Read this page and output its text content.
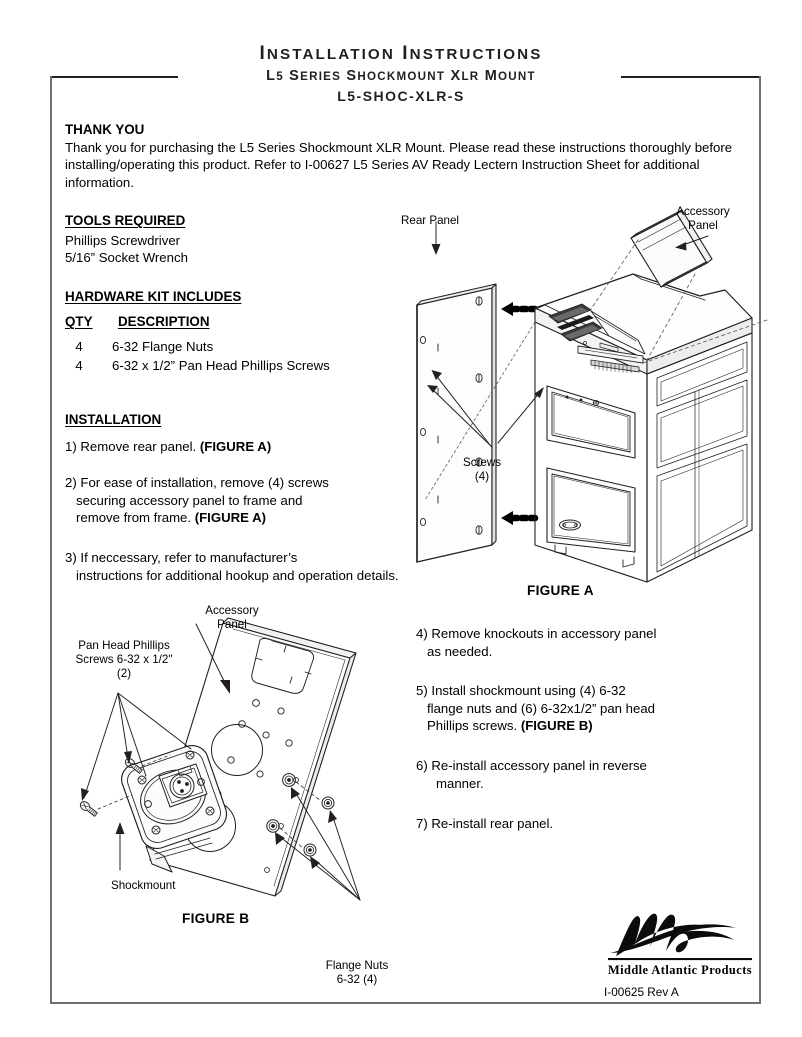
INSTALLATION INSTRUCTIONS
L5 SERIES SHOCKMOUNT XLR MOUNT
L5-SHOC-XLR-S
THANK YOU
Thank you for purchasing the L5 Series Shockmount XLR Mount. Please read these instructions thoroughly before installing/operating this product. Refer to I-00627 L5 Series AV Ready Lectern Instruction Sheet for additional information.
TOOLS REQUIRED
Phillips Screwdriver
5/16” Socket Wrench
HARDWARE KIT INCLUDES
QTY DESCRIPTION
4	6-32 Flange Nuts
4	6-32 x 1/2” Pan Head Phillips Screws
INSTALLATION
1) Remove rear panel. (FIGURE A)
2) For ease of installation, remove (4) screws
securing accessory panel to frame and
remove from frame. (FIGURE A)
3) If neccessary, refer to manufacturer’s
instructions for additional hookup and operation details.
4) Remove knockouts in accessory panel
as needed.
5) Install shockmount using (4) 6-32
flange nuts and (6) 6-32x1/2” pan head
Phillips screws. (FIGURE B)
6) Re-install accessory panel in reverse
manner.
7) Re-install rear panel.
Rear Panel
Accessory
Panel
Screws
(4)
FIGURE A
Accessory
Panel
Pan Head Phillips
Screws 6-32 x 1/2"
(2)
Shockmount
Flange Nuts
6-32 (4)
FIGURE B
Middle Atlantic Products
I-00625 Rev A
